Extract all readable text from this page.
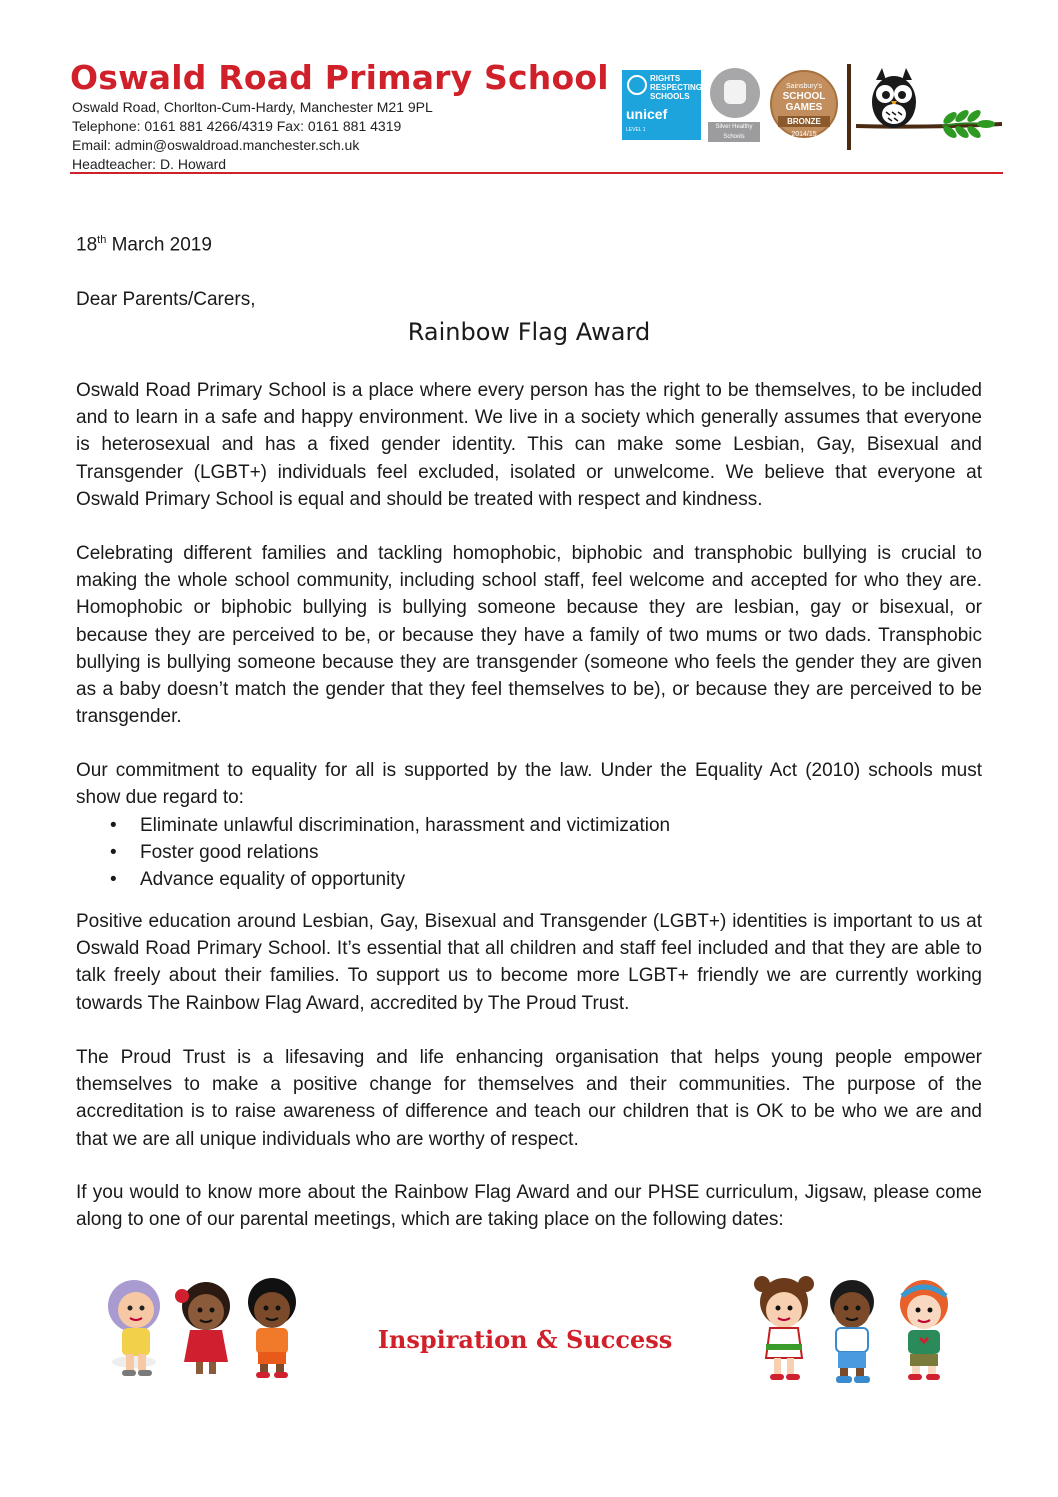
Oswald Road Primary School
Oswald Road, Chorlton-Cum-Hardy, Manchester M21 9PL
Telephone: 0161 881 4266/4319 Fax: 0161 881 4319
Email: admin@oswaldroad.manchester.sch.uk
Headteacher: D. Howard
RIGHTS RESPECTING SCHOOLS
unicef
LEVEL 1	Silver Healthy Schools
Sainsbury's
SCHOOL GAMES
BRONZE
2014/15
18th March 2019
Dear Parents/Carers,
Rainbow Flag Award

Oswald Road Primary School is a place where every person has the right to be themselves, to be included and to learn in a safe and happy environment. We live in a society which generally assumes that everyone is heterosexual and has a fixed gender identity. This can make some Lesbian, Gay, Bisexual and Transgender (LGBT+) individuals feel excluded, isolated or unwelcome. We believe that everyone at Oswald Primary School is equal and should be treated with respect and kindness.

Celebrating different families and tackling homophobic, biphobic and transphobic bullying is crucial to making the whole school community, including school staff, feel welcome and accepted for who they are. Homophobic or biphobic bullying is bullying someone because they are lesbian, gay or bisexual, or because they are perceived to be, or because they have a family of two mums or two dads. Transphobic bullying is bullying someone because they are transgender (someone who feels the gender they are given as a baby doesn’t match the gender that they feel themselves to be), or because they are perceived to be transgender.

Our commitment to equality for all is supported by the law. Under the Equality Act (2010) schools must show due regard to:

• Eliminate unlawful discrimination, harassment and victimization
• Foster good relations
• Advance equality of opportunity

Positive education around Lesbian, Gay, Bisexual and Transgender (LGBT+) identities is important to us at Oswald Road Primary School. It’s essential that all children and staff feel included and that they are able to talk freely about their families. To support us to become more LGBT+ friendly we are currently working towards The Rainbow Flag Award, accredited by The Proud Trust.

The Proud Trust is a lifesaving and life enhancing organisation that helps young people empower themselves to make a positive change for themselves and their communities. The purpose of the accreditation is to raise awareness of difference and teach our children that is OK to be who we are and that we are all unique individuals who are worthy of respect.

If you would to know more about the Rainbow Flag Award and our PHSE curriculum, Jigsaw, please come along to one of our parental meetings, which are taking place on the following dates:

Inspiration & Success
